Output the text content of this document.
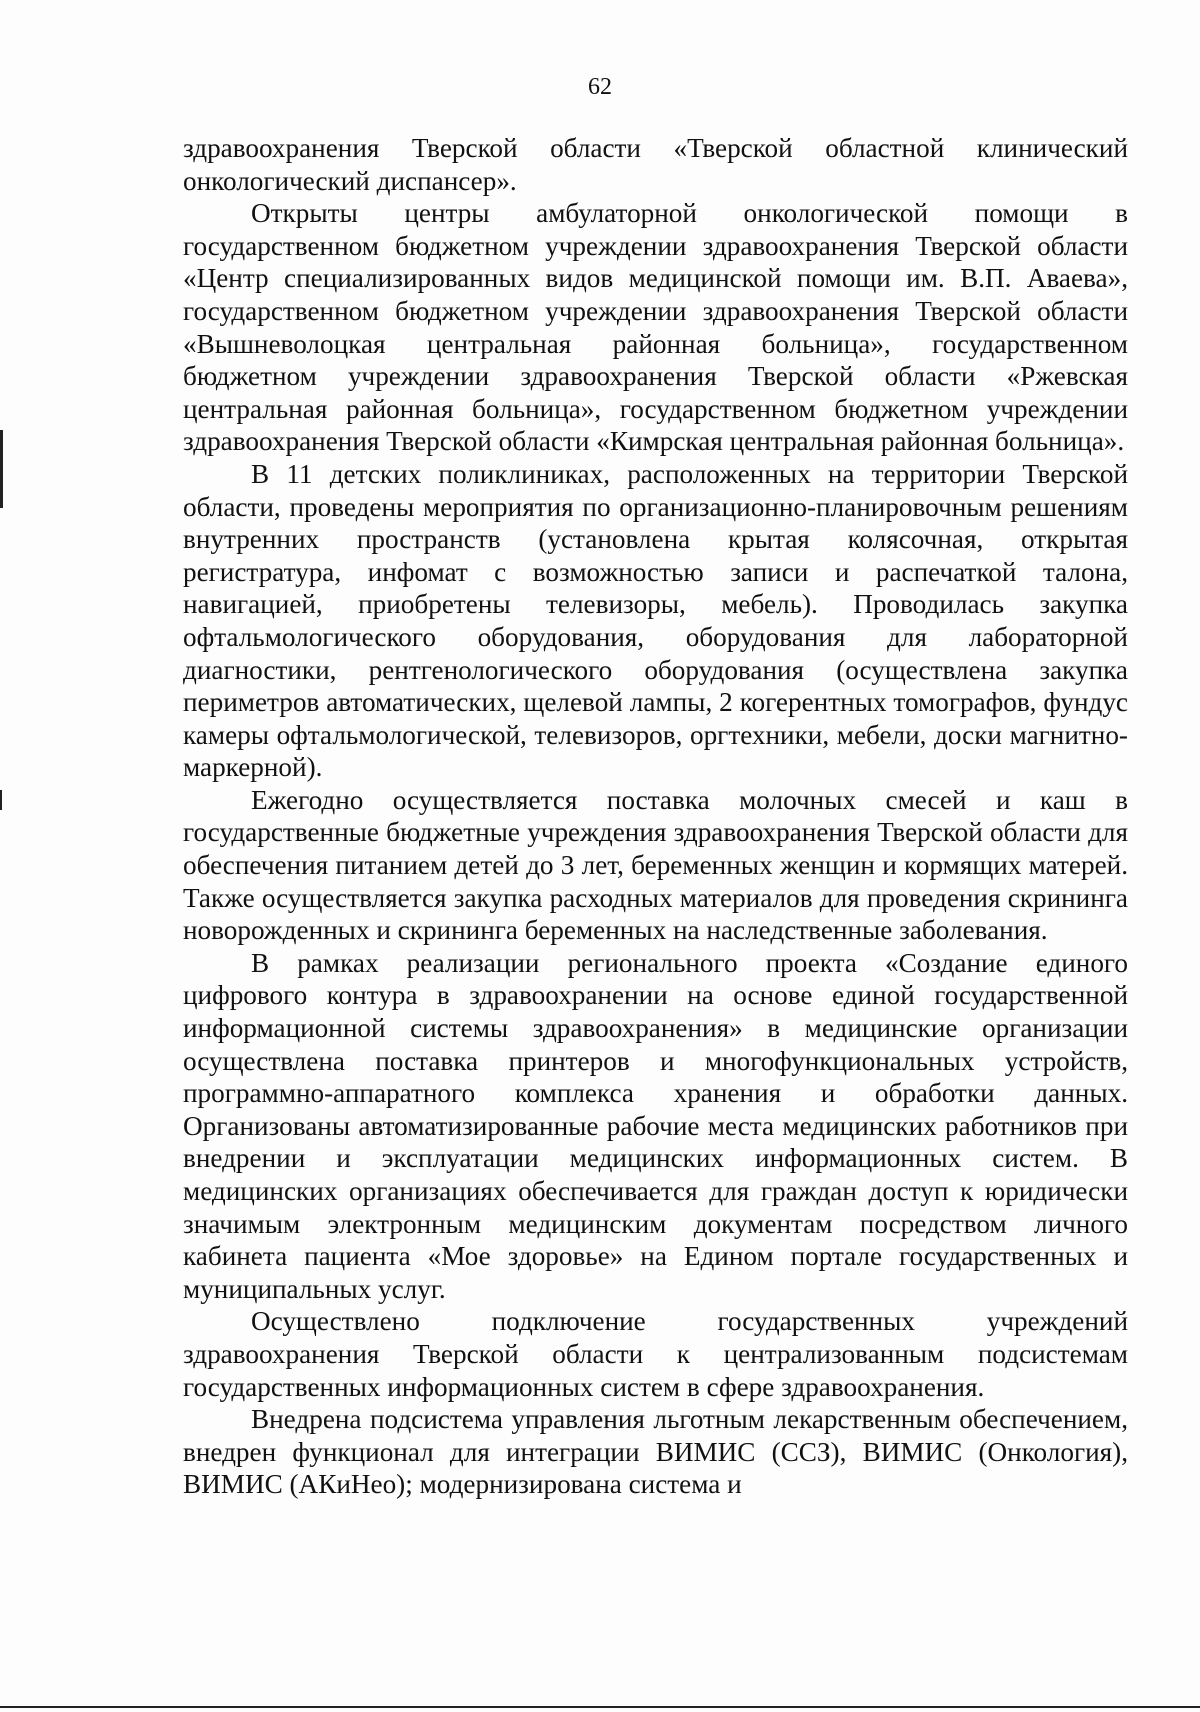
62

здравоохранения Тверской области «Тверской областной клинический онкологический диспансер».

Открыты центры амбулаторной онкологической помощи в государственном бюджетном учреждении здравоохранения Тверской области «Центр специализированных видов медицинской помощи им. В.П. Аваева», государственном бюджетном учреждении здравоохранения Тверской области «Вышневолоцкая центральная районная больница», государственном бюджетном учреждении здравоохранения Тверской области «Ржевская центральная районная больница», государственном бюджетном учреждении здравоохранения Тверской области «Кимрская центральная районная больница».

В 11 детских поликлиниках, расположенных на территории Тверской области, проведены мероприятия по организационно-планировочным решениям внутренних пространств (установлена крытая колясочная, открытая регистратура, инфомат с возможностью записи и распечаткой талона, навигацией, приобретены телевизоры, мебель). Проводилась закупка офтальмологического оборудования, оборудования для лабораторной диагностики, рентгенологического оборудования (осуществлена закупка периметров автоматических, щелевой лампы, 2 когерентных томографов, фундус камеры офтальмологической, телевизоров, оргтехники, мебели, доски магнитно-маркерной).

Ежегодно осуществляется поставка молочных смесей и каш в государственные бюджетные учреждения здравоохранения Тверской области для обеспечения питанием детей до 3 лет, беременных женщин и кормящих матерей. Также осуществляется закупка расходных материалов для проведения скрининга новорожденных и скрининга беременных на наследственные заболевания.

В рамках реализации регионального проекта «Создание единого цифрового контура в здравоохранении на основе единой государственной информационной системы здравоохранения» в медицинские организации осуществлена поставка принтеров и многофункциональных устройств, программно-аппаратного комплекса хранения и обработки данных. Организованы автоматизированные рабочие места медицинских работников при внедрении и эксплуатации медицинских информационных систем. В медицинских организациях обеспечивается для граждан доступ к юридически значимым электронным медицинским документам посредством личного кабинета пациента «Мое здоровье» на Едином портале государственных и муниципальных услуг.

Осуществлено подключение государственных учреждений здравоохранения Тверской области к централизованным подсистемам государственных информационных систем в сфере здравоохранения.

Внедрена подсистема управления льготным лекарственным обеспечением, внедрен функционал для интеграции ВИМИС (ССЗ), ВИМИС (Онкология), ВИМИС (АКиНео); модернизирована система и
